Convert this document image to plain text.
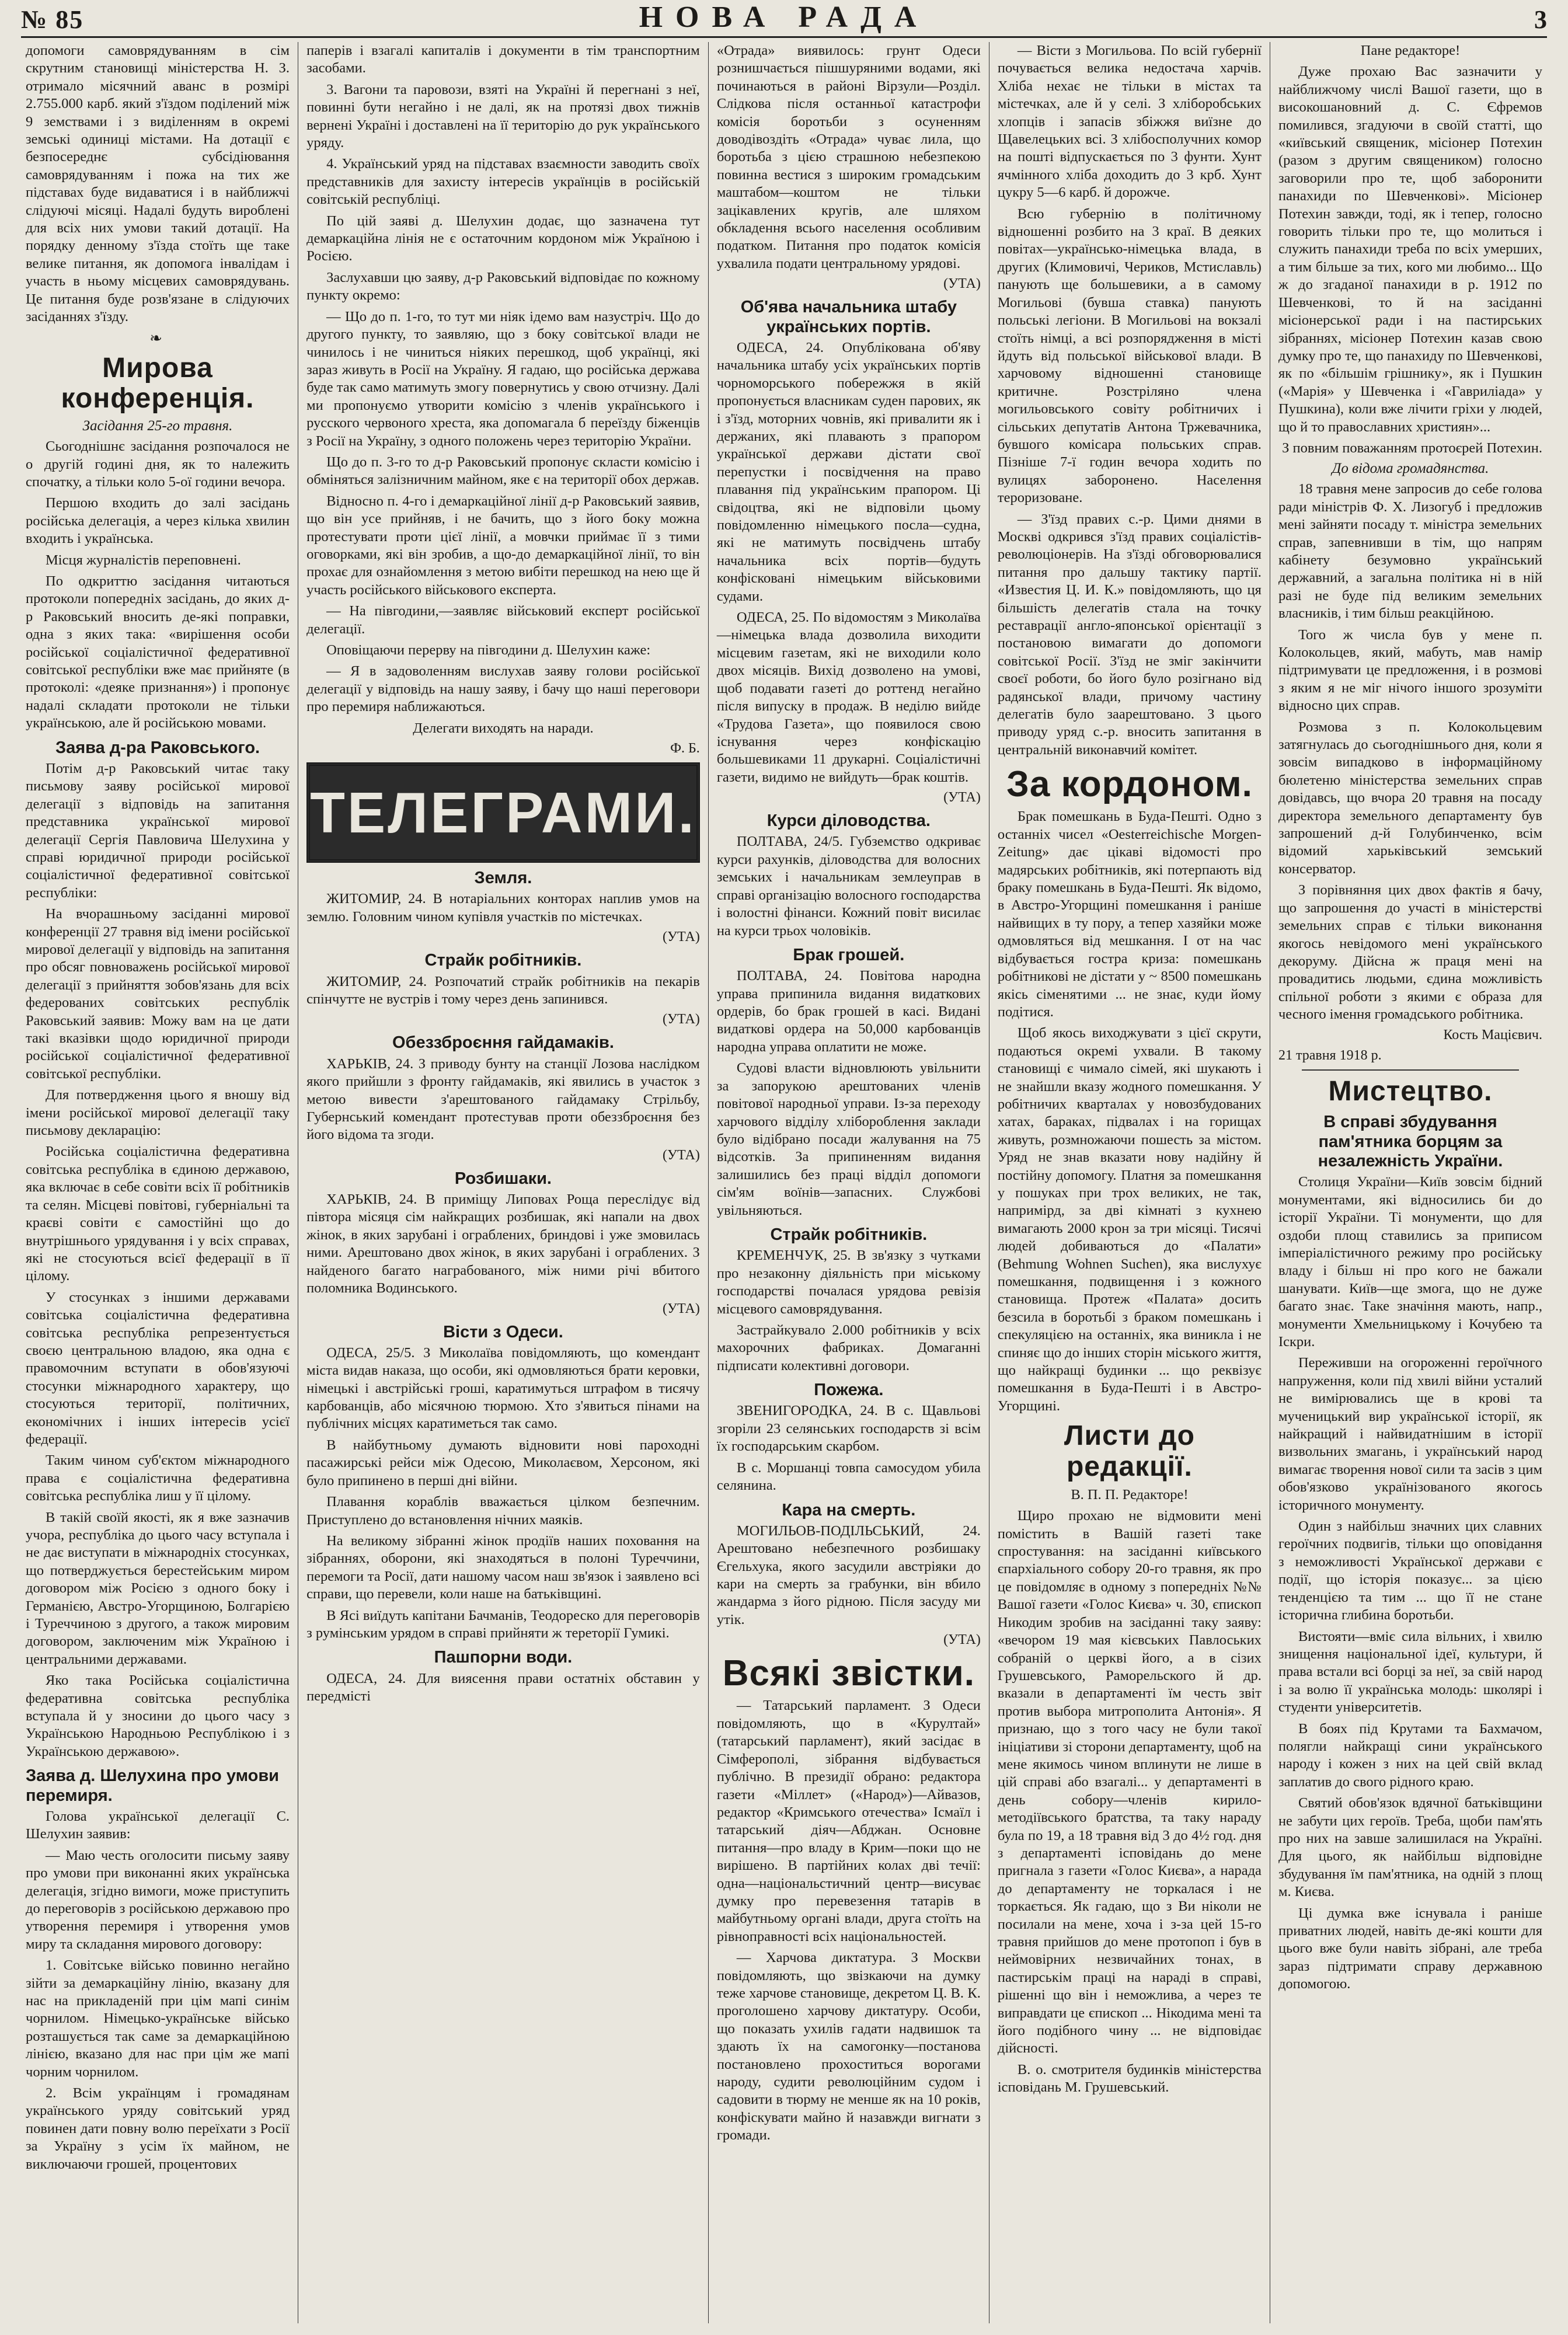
№ 85	НОВА РАДА	3

допомоги самоврядуванням в сім скрутним становищі міністерства Н. З. отримало місячний аванс в розмірі 2.755.000 карб. який з'їздом поділений між 9 земствами і з виділенням в окремі земські одиниці містами. На дотації є безпосереднє субсідіювання самоврядуванням і пожа на тих же підставах буде видаватися і в найближчі слідуючі місяці. Надалі будуть вироблені для всіх них умови такий дотації. На порядку денному з'їзда стоїть ще таке велике питання, як допомога інвалідам і участь в ньому місцевих самоврядувань. Це питання буде розв'язане в слідуючих засіданнях з'їзду.

❧
Мирова конференція.
Засідання 25-го травня.

Сьогоднішнє засідання розпочалося не о другій годині дня, як то належить спочатку, а тільки коло 5-ої години вечора.

Першою входить до залі засідань російська делегація, а через кілька хвилин входить і українська.

Місця журналістів переповнені.

По одкриттю засідання читаються протоколи попередніх засідань, до яких д-р Раковський вносить де-які поправки, одна з яких така: «вирішення особи російської соціалістичної федеративної совітської республіки вже має прийняте (в протоколі: «деяке признання») і пропонує надалі складати протоколи не тільки українською, але й російською мовами.

Заява д-ра Раковського.

Потім д-р Раковський читає таку письмову заяву російської мирової делегації з відповідь на запитання представника української мирової делегації Сергія Павловича Шелухина у справі юридичної природи російської соціалістичної федеративної совітської республіки:

На вчорашньому засіданні мирової конференції 27 травня від імени російської мирової делегації у відповідь на запитання про обсяг повноважень російської мирової делегації з прийняття зобов'язань для всіх федерованих совітських республік Раковський заявив: Можу вам на це дати такі вказівки щодо юридичної природи російської соціалістичної федеративної совітської республіки.

Для потвердження цього я вношу від імени російської мирової делегації таку письмову декларацію:

Російська соціалістична федеративна совітська республіка в єдиною державою, яка включає в себе совіти всіх її робітників та селян. Місцеві повітові, губерніальні та краєві совіти є самостійні що до внутрішнього урядування і у всіх справах, які не стосуються всієї федерації в її цілому.

У стосунках з іншими державами совітська соціалістична федеративна совітська республіка репрезентується своєю центральною владою, яка одна є правомочним вступати в обов'язуючі стосунки міжнародного характеру, що стосуються території, політичних, економічних і інших інтересів усієї федерації.

Таким чином суб'єктом міжнародного права є соціалістична федеративна совітська республіка лиш у її цілому.

В такій своїй якості, як я вже зазначив учора, республіка до цього часу вступала і не дає виступати в міжнародніх стосунках, що потверджується берестейським миром договором між Росією з одного боку і Германією, Австро-Угорщиною, Болгарією і Туреччиною з другого, а також мировим договором, заключеним між Україною і центральними державами.

Яко така Російська соціалістична федеративна совітська республіка вступала й у зносини до цього часу з Українською Народньою Республікою і з Українською державою».

Заява д. Шелухина про умови перемиря.

Голова української делегації С. Шелухин заявив:

— Маю честь оголосити письму заяву про умови при виконанні яких українська делегація, згідно вимоги, може приступить до переговорів з російською державою про утворення перемиря і утворення умов миру та складання мирового договору:

1. Совітське військо повинно негайно зійти за демаркаційну лінію, вказану для нас на прикладеній при цім мапі синім чорнилом. Німецько-українське військо розташується так саме за демаркаційною лінією, вказано для нас при цім же мапі чорним чорнилом.

2. Всім українцям і громадянам українського уряду совітський уряд повинен дати повну волю переїхати з Росії за Україну з усім їх майном, не виключаючи грошей, процентових

паперів і взагалі капиталів і документи в тім транспортним засобами.

3. Вагони та паровози, взяті на Україні й перегнані з неї, повинні бути негайно і не далі, як на протязі двох тижнів вернені Україні і доставлені на її територію до рук українського уряду.

4. Український уряд на підставах взаємности заводить своїх представників для захисту інтересів українців в російській совітській республіці.

По цій заяві д. Шелухин додає, що зазначена тут демаркаційна лінія не є остаточним кордоном між Україною і Росією.

Заслухавши цю заяву, д-р Раковський відповідає по кожному пункту окремо:

— Що до п. 1-го, то тут ми ніяк ідемо вам назустріч. Що до другого пункту, то заявляю, що з боку совітської влади не чинилось і не чиниться ніяких перешкод, щоб українці, які зараз живуть в Росії на Україну. Я гадаю, що російська держава буде так само матимуть змогу повернутись у свою отчизну. Далі ми пропонуємо утворити комісію з членів українського і русского червоного хреста, яка допомагала б переїзду біженців з Росії на Україну, з одного положень через територію України.

Що до п. 3-го то д-р Раковський пропонує скласти комісію і обміняться залізничним майном, яке є на території обох держав.

Відносно п. 4-го і демаркаційної лінії д-р Раковський заявив, що він усе прийняв, і не бачить, що з його боку можна протестувати проти цієї лінії, а мовчки приймає її з тими оговорками, які він зробив, а що-до демаркаційної лінії, то він прохає для ознайомлення з метою вибіти перешкод на нею ще й участь російського військового експерта.

— На півгодини,—заявляє військовий експерт російської делегації.

Оповіщаючи перерву на півгодини д. Шелухин каже:

— Я в задоволенням вислухав заяву голови російської делегації у відповідь на нашу заяву, і бачу що наші переговори про перемиря наближаються.

Делегати виходять на наради.

Ф. Б.
ТЕЛЕГРАМИ.
Земля.

ЖИТОМИР, 24. В нотаріальних конторах наплив умов на землю. Головним чином купівля участків по містечках.

(УТА)
Страйк робітників.

ЖИТОМИР, 24. Розпочатий страйк робітників на пекарів спінчутте не вустрів і тому через день запинився.

(УТА)
Обеззброєння гайдамаків.

ХАРЬКІВ, 24. З приводу бунту на станції Лозова наслідком якого прийшли з фронту гайдамаків, які явились в участок з метою вивести з'арештованого гайдамаку Стрільбу, Губернський комендант протестував проти обеззброєння без його відома та згоди.

(УТА)
Розбишаки.

ХАРЬКІВ, 24. В приміщу Липовах Роща переслідує від півтора місяця сім найкращих розбишак, які напали на двох жінок, в яких зарубані і ограблених, бриндові і уже змовилась ними. Арештовано двох жінок, в яких зарубані і ограблених. З найденого багато награбованого, між ними річі вбитого поломника Водинського.

(УТА)
Вісти з Одеси.

ОДЕСА, 25/5. З Миколаїва повідомляють, що комендант міста видав наказа, що особи, які одмовляються брати керовки, німецькі і австрійські гроші, каратимуться штрафом в тисячу карбованців, або місячною тюрмою. Хто з'явиться пінами на публічних місцях каратиметься так само.

В найбутньому думають відновити нові пароходні пасажирські рейси між Одесою, Миколаєвом, Херсоном, які було припинено в перші дні війни.

Плавання кораблів вважається цілком безпечним. Приступлено до встановлення нічних маяків.

На великому зібранні жінок продіїв наших поховання на зібраннях, оборони, які знаходяться в полоні Туреччини, перемоги та Росії, дати нашому часом наш зв'язок і заявлено всі справи, що перевели, коли наше на батьківщині.

В Ясі виїдуть капітани Бачманів, Теодореско для переговорів з румінським урядом в справі прийняти ж тереторії Гумикі.

Пашпорни води.

ОДЕСА, 24. Для виясення прави остатніх обставин у передмісті

«Отрада» виявилось: грунт Одеси рознишчається пішшуряними водами, які починаються в районі Вірзули—Розділ. Слідкова після останньої катастрофи комісія боротьби з осуненням доводівоздіть «Отрада» чуває лила, що боротьба з цією страшною небезпекою повинна вестися з широким громадським маштабом—коштом не тільки зацікавлених кругів, але шляхом обкладення всього населення особливим податком. Питання про податок комісія ухвалила подати центральному урядові.

(УТА)
Об'ява начальника штабу українських портів.

ОДЕСА, 24. Опублікована об'яву начальника штабу усіх українських портів чорноморського побережжя в якій пропонується власникам суден парових, як і з'їзд, моторних човнів, які привалити як і держаних, які плавають з прапором української держави дістати свої перепустки і посвідчення на право плавання під українським прапором. Ці свідоцтва, які не відповіли цьому повідомленню німецького посла—судна, які не матимуть посвідчень штабу начальника всіх портів—будуть конфісковані німецьким військовими судами.

ОДЕСА, 25. По відомостям з Миколаїва—німецька влада дозволила виходити місцевим газетам, які не виходили коло двох місяців. Вихід дозволено на умові, щоб подавати газеті до роттенд негайно після випуску в продаж. В неділю вийде «Трудова Газета», що появилося свою існування через конфіскацію большевиками 11 друкарні. Соціалістичні газети, видимо не вийдуть—брак коштів.

(УТА)
Курси діловодства.

ПОЛТАВА, 24/5. Губземство одкриває курси рахунків, діловодства для волосних земських і начальникам землеуправ в справі організацію волосного господарства і волостні фінанси. Кожний повіт висилає на курси трьох чоловіків.

Брак грошей.

ПОЛТАВА, 24. Повітова народна управа припинила видання видаткових ордерів, бо брак грошей в касі. Видані видаткові ордера на 50,000 карбованців народна управа оплатити не може.

Судові власти відновлюють увільнити за запорукою арештованих членів повітової народньої управи. Із-за переходу харчового відділу хлібороблення заклади було відібрано посади жалування на 75 відсотків. За припиненням видання залишились без праці відділ допомоги сім'ям воїнів—запасних. Службові увільняються.

Страйк робітників.

КРЕМЕНЧУК, 25. В зв'язку з чутками про незаконну діяльність при міському господарстві почалася урядова ревізія місцевого самоврядування.

Застрайкувало 2.000 робітників у всіх махорочних фабриках. Домаганні підписати колективні договори.

Пожежа.

ЗВЕНИГОРОДКА, 24. В с. Щавльові згоріли 23 селянських господарств зі всім їх господарським скарбом.

В с. Моршанці товпа самосудом убила селянина.

Кара на смерть.

МОГИЛЬОВ-ПОДІЛЬСЬКИЙ, 24. Арештовано небезпечного розбишаку Єгельхука, якого засудили австріяки до кари на смерть за грабунки, він вбило жандарма з його рідною. Після засуду ми утік.

(УТА)
Всякі звістки.

— Татарський парламент. З Одеси повідомляють, що в «Курултай» (татарський парламент), який засідає в Сімферополі, зібрання відбувається публічно. В президії обрано: редактора газети «Міллет» («Народ»)—Айвазов, редактор «Кримського отечества» Ісмаїл і татарський діяч—Абджан. Основне питання—про владу в Крим—поки що не вирішено. В партійних колах дві течії: одна—національстичний центр—висуває думку про перевезення татарів в майбутньому органі влади, друга стоїть на рівноправності всіх національностей.

— Харчова диктатура. З Москви повідомляють, що звізкаючи на думку теже харчове становище, декретом Ц. В. К. проголошено харчову диктатуру. Особи, що показать ухилів гадати надвишок та здають їх на самогонку—постанова постановлено прохоститься ворогами народу, судити революційним судом і садовити в тюрму не менше як на 10 років, конфіскувати майно й назавжди вигнати з громади.

— Вісти з Могильова. По всій губернії почувається велика недостача харчів. Хліба нехає не тільки в містах та містечках, але й у селі. З хліборобських хлопців і запасів збіжжя виїзне до Щавелецьких всі. З хлібосполучних комор на пошті відпускається по 3 фунти. Хунт ячмінного хліба доходить до 3 крб. Хунт цукру 5—6 карб. й дорожче.

Всю губернію в політичному відношенні розбито на 3 краї. В деяких повітах—українсько-німецька влада, в других (Климовичі, Чериков, Мстиславль) панують ще большевики, а в самому Могильові (бувша ставка) панують польські легіони. В Могильові на вокзалі стоїть німці, а всі розпорядження в місті йдуть від польської військової влади. В харчовому відношенні становище критичне. Розстріляно члена могильовського совіту робітничих і сільських депутатів Антона Тржевачника, бувшого комісара польських справ. Пізніше 7-ї годин вечора ходить по вулицях заборонено. Населення тероризоване.

— З'їзд правих с.-р. Цими днями в Москві одкрився з'їзд правих соціалістів-революціонерів. На з'їзді обговорювалися питання про дальшу тактику партії. «Известия Ц. И. К.» повідомляють, що ця більшість делегатів стала на точку реставрації англо-японської орієнтації з постановою вимагати до допомоги совітської Росії. З'їзд не зміг закінчити своєї роботи, бо його було розігнано від радянської влади, причому частину делегатів було заарештовано. З цього приводу уряд с.-р. вносить запитання в центральній виконавчий комітет.

За кордоном.

Брак помешкань в Буда-Пешті. Одно з останніх чисел «Oesterreichische Morgen-Zeitung» дає цікаві відомості про мадярських робітників, які потерпають від браку помешкань в Буда-Пешті. Як відомо, в Австро-Угорщині помешкання і раніше найвищих в ту пору, а тепер хазяйки може одмовляться від мешкання. І от на час відбувається гостра криза: помешкань робітникові не дістати у ~ 8500 помешкань якісь сіменятими ... не знає, куди йому подітися.

Щоб якось виходжувати з цієї скрути, подаються окремі ухвали. В такому становищі є чимало сімей, які шукають і не знайшли вказу жодного помешкання. У робітничих кварталах у новозбудованих хатах, бараках, підвалах і на горищах живуть, розмножаючи пошесть за містом. Уряд не знав вказати нову надійну й постійну допомогу. Платня за помешкання у пошуках при трох великих, не так, напримірд, за дві кімнаті з кухнею вимагають 2000 крон за три місяці. Тисячі людей добиваються до «Палати» (Behmung Wohnen Suchen), яка вислухує помешкання, подвищення і з кожного становища. Протеж «Палата» досить безсила в боротьбі з браком помешкань і спекуляцією на останніх, яка виникла і не спиняє що до інших сторін міського життя, що найкращі будинки ... що реквізує помешкання в Буда-Пешті і в Австро-Угорщині.

Листи до редакції.

В. П. П. Редакторе!

Щиро прохаю не відмовити мені помістить в Вашій газеті таке спростування: на засіданні київського єпархіального собору 20-го травня, як про це повідомляє в одному з попередніх №№ Вашої газети «Голос Києва» ч. 30, єпископ Никодим зробив на засіданні таку заяву: «вечором 19 мая кієвських Павлоських собраній о церкві його, а в сізих Грушевського, Раморельского й др. вказали в департаменті їм честь звіт против выбора митрополита Антонія». Я признаю, що з того часу не були такої ініціативи зі сторони департаменту, щоб на мене якимось чином вплинути не лише в цій справі або взагалі... у департаменті в день собору—членів кирило-методіївського братства, та таку нараду була по 19, а 18 травня від 3 до 4½ год. дня з департаменті ісповідань до мене пригнала з газети «Голос Києва», а нарада до департаменту не торкалася і не торкається. Як гадаю, що з Ви ніколи не посилали на мене, хоча і з-за цей 15-го травня прийшов до мене протопоп і був в неймовірних незвичайних тонах, в пастирськім праці на нараді в справі, рішенні що він і неможлива, а через те виправдати це єпископ ... Нікодима мені та його подібного чину ... не відповідає дійсності.

В. о. смотрителя будинків міністерства ісповідань М. Грушевський.

Пане редакторе!

Дуже прохаю Вас зазначити у найближчому числі Вашої газети, що в високошановний д. С. Єфремов помилився, згадуючи в своїй статті, що «київський священик, місіонер Потехин (разом з другим священиком) голосно заговорили про те, щоб заборонити панахиди по Шевченкові». Місіонер Потехин завжди, тоді, як і тепер, голосно говорить тільки про те, що молиться і служить панахиди треба по всіх умерших, а тим більше за тих, кого ми любимо... Що ж до згаданої панахиди в р. 1912 по Шевченкові, то й на засіданні місіонерської ради і на пастирських зібраннях, місіонер Потехин казав свою думку про те, що панахиду по Шевченкові, як по «більшім грішнику», як і Пушкин («Марія» у Шевченка і «Гавриліада» у Пушкина), коли вже лічити гріхи у людей, що й то православних християн»...

З повним поважанням протоєрей Потехин.

До відома громадянства.

18 травня мене запросив до себе голова ради міністрів Ф. Х. Лизогуб і предложив мені зайняти посаду т. міністра земельних справ, запевнивши в тім, що напрям кабінету безумовно український державний, а загальна політика ні в ній разі не буде під великим земельних власників, і тим більш реакційною.

Того ж числа був у мене п. Колокольцев, який, мабуть, мав намір підтримувати це предложення, і в розмові з яким я не міг нічого іншого зрозуміти відносно цих справ.

Розмова з п. Колокольцевим затягнулась до сьогоднішнього дня, коли я зовсім випадково в інформаційному бюлетеню міністерства земельних справ довідавсь, що вчора 20 травня на посаду директора земельного департаменту був запрошений д-й Голубинченко, всім відомий харьківський земський консерватор.

З порівняння цих двох фактів я бачу, що запрошення до участі в міністерстві земельних справ є тільки виконання якогось невідомого мені українського декоруму. Дійсна ж праця мені на провадитись людьми, єдина можливість спільної роботи з якими є образа для чесного імення громадського робітника.

Кость Мацієвич.
21 травня 1918 р.
Мистецтво.
В справі збудування пам'ятника борцям за незалежність України.

Столиця України—Київ зовсім бідний монументами, які відносились би до історії України. Ті монументи, що для оздоби площ ставились за приписом імперіалістичного режиму про російську владу і більш ні про кого не бажали шанувати. Київ—ще змога, що не дуже багато знає. Таке значіння мають, напр., монументи Хмельницькому і Кочубею та Іскри.

Переживши на огороженні героїчного напруження, коли під хвилі війни усталий не вимірювались ще в крові та мученицький вир української історії, як найкращий і найвидатнішим в історії визвольних змагань, і український народ вимагає творення нової сили та засів з цим обов'язково українізованого якогось історичного монументу.

Один з найбільш значних цих славних героїчних подвигів, тільки що оповідання з неможливості Української держави є події, що історія показує... за цією тенденцією та тим ... що її не стане історична глибина боротьби.

Вистояти—вміє сила вільних, і хвилю знищення національної ідеї, культури, й права встали всі борці за неї, за свій народ і за волю її українська молодь: школярі і студенти університетів.

В боях під Крутами та Бахмачом, полягли найкращі сини українського народу і кожен з них на цей свій вклад заплатив до свого рідного краю.

Святий обов'язок вдячної батьківщини не забути цих героїв. Треба, щоби пам'ять про них на завше залишилася на Україні. Для цього, як найбільш відповідне збудування їм пам'ятника, на одній з площ м. Києва.

Ці думка вже існувала і раніше приватних людей, навіть де-які кошти для цього вже були навіть зібрані, але треба зараз підтримати справу державною допомогою.
